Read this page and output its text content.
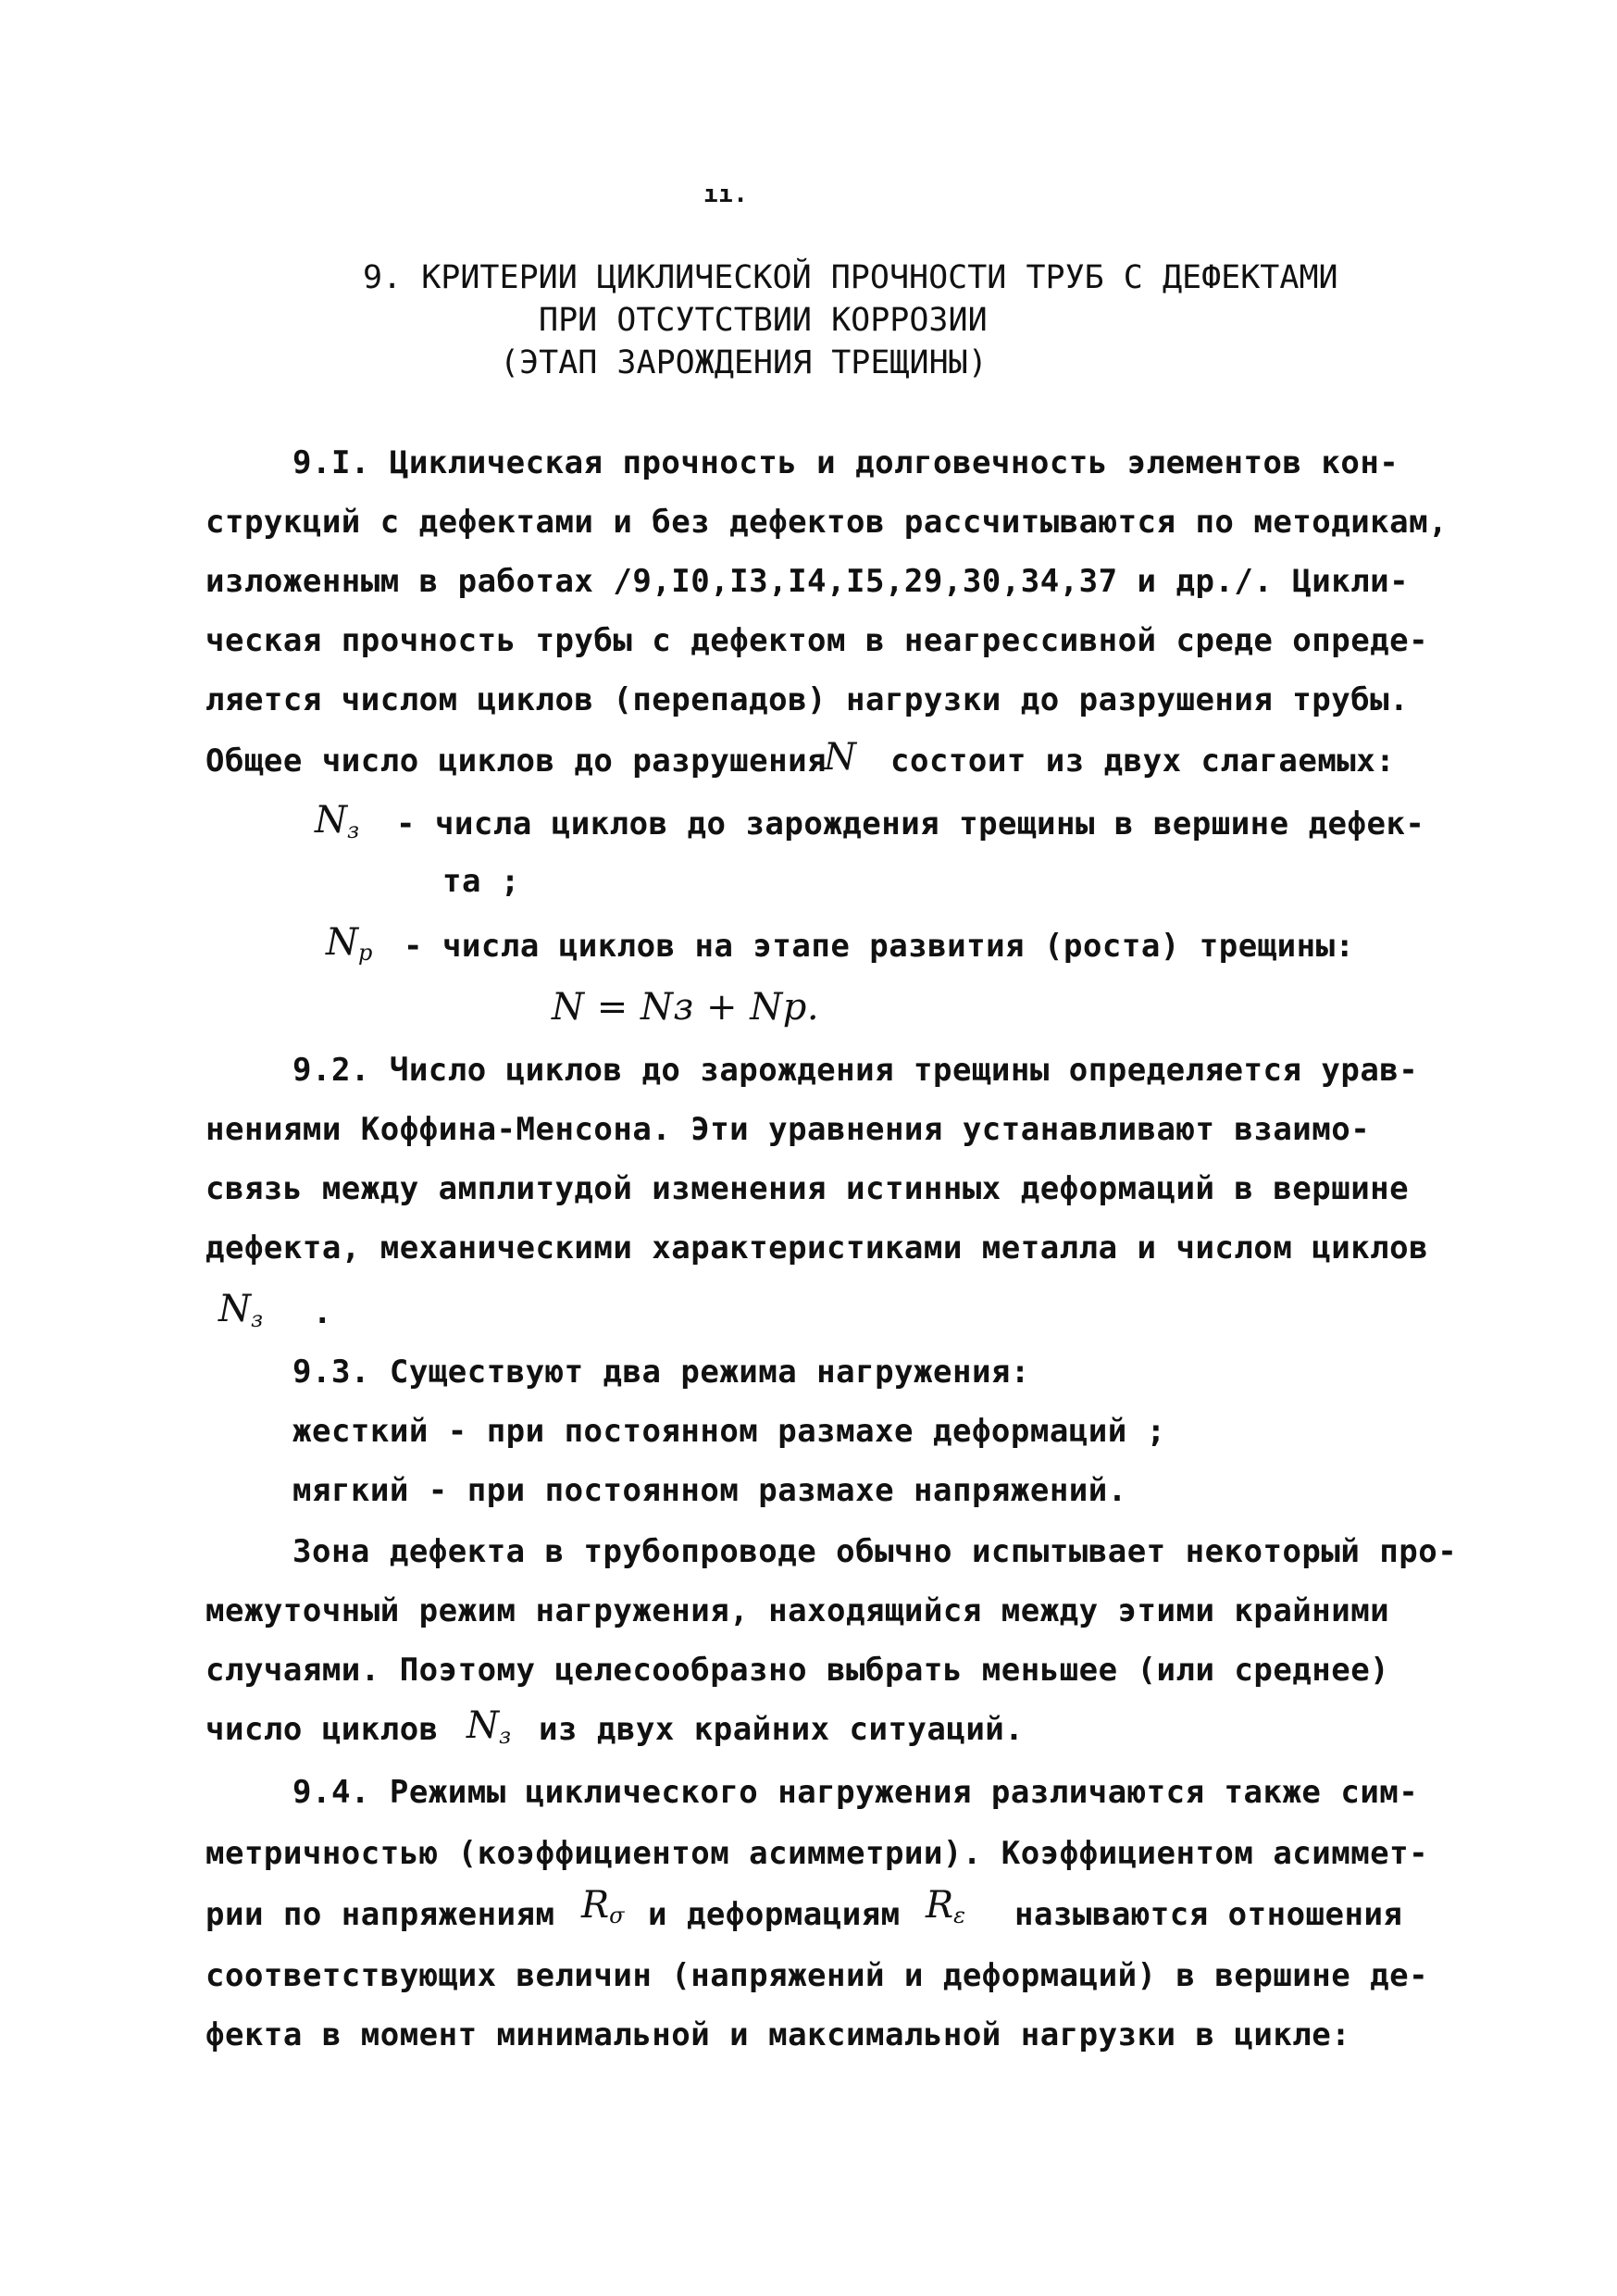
ıı.
9. КРИТЕРИИ ЦИКЛИЧЕСКОЙ ПРОЧНОСТИ ТРУБ С ДЕФЕКТАМИ
ПРИ ОТСУТСТВИИ КОРРОЗИИ
(ЭТАП ЗАРОЖДЕНИЯ ТРЕЩИНЫ)
9.I. Циклическая прочность и долговечность элементов кон-
струкций с дефектами и без дефектов рассчитываются по методикам,
изложенным в работах /9,I0,I3,I4,I5,29,30,34,37 и др./. Цикли-
ческая прочность трубы с дефектом в неагрессивной среде опреде-
ляется числом циклов (перепадов) нагрузки до разрушения трубы.
Общее число циклов до разрушения
N состоит из двух слагаемых:
$N_з$ - числа циклов до зарождения трещины в вершине дефек-
та ;
$N_р$ - числа циклов на этапе развития (роста) трещины:
N = Nз + Nр.
9.2. Число циклов до зарождения трещины определяется урав-
нениями Коффина-Менсона. Эти уравнения устанавливают взаимо-
связь между амплитудой изменения истинных деформаций в вершине
дефекта, механическими характеристиками металла и числом циклов
$N_з$ .
9.3. Существуют два режима нагружения:
жесткий - при постоянном размахе деформаций ;
мягкий - при постоянном размахе напряжений.
Зона дефекта в трубопроводе обычно испытывает некоторый про-
межуточный режим нагружения, находящийся между этими крайними
случаями. Поэтому целесообразно выбрать меньшее (или среднее)
число циклов $N_з$ из двух крайних ситуаций.
9.4. Режимы циклического нагружения различаются также сим-
метричностью (коэффициентом асимметрии). Коэффициентом асиммет-
рии по напряжениям $R_\sigma$ и деформациям $R_\varepsilon$ называются отношения
соответствующих величин (напряжений и деформаций) в вершине де-
фекта в момент минимальной и максимальной нагрузки в цикле:
